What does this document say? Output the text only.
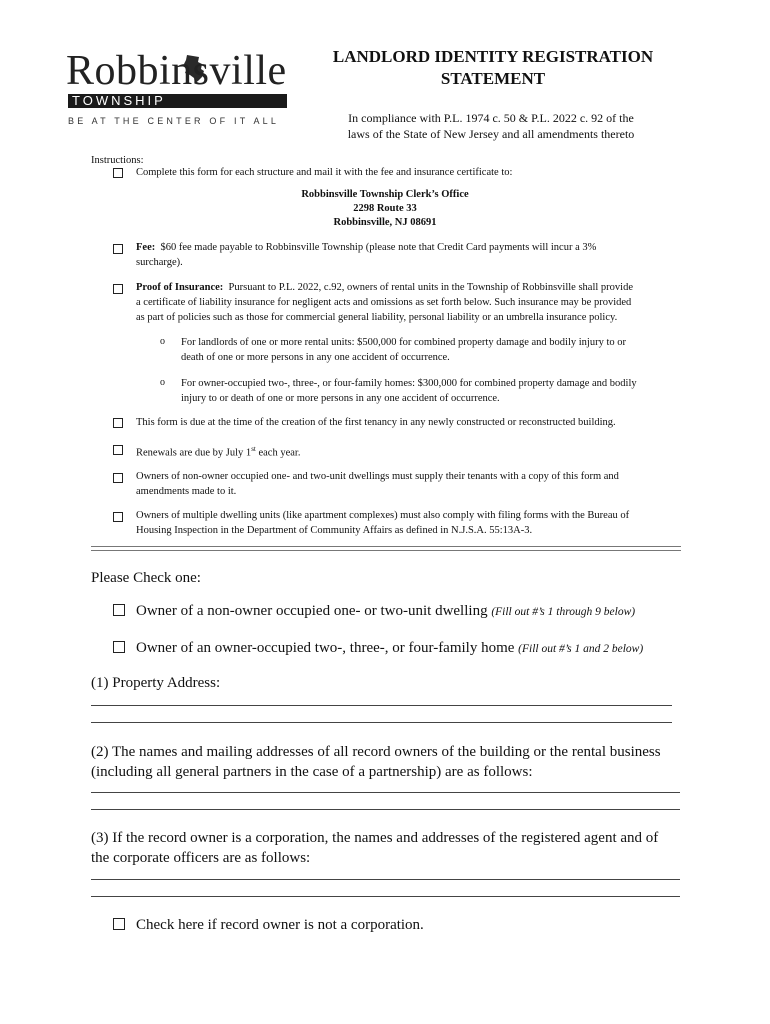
Robbinsville
TOWNSHIP
BE AT THE CENTER OF IT ALL
LANDLORD IDENTITY REGISTRATION
STATEMENT
In compliance with P.L. 1974 c. 50 & P.L. 2022 c. 92 of the
laws of the State of New Jersey and all amendments thereto
Instructions:
Complete this form for each structure and mail it with the fee and insurance certificate to:
Robbinsville Township Clerk’s Office
2298 Route 33
Robbinsville, NJ 08691
Fee: $60 fee made payable to Robbinsville Township (please note that Credit Card payments will incur a 3%
surcharge).
Proof of Insurance: Pursuant to P.L. 2022, c.92, owners of rental units in the Township of Robbinsville shall provide
a certificate of liability insurance for negligent acts and omissions as set forth below. Such insurance may be provided
as part of policies such as those for commercial general liability, personal liability or an umbrella insurance policy.
o For landlords of one or more rental units: $500,000 for combined property damage and bodily injury to or
death of one or more persons in any one accident of occurrence.
o For owner-occupied two-, three-, or four-family homes: $300,000 for combined property damage and bodily
injury to or death of one or more persons in any one accident of occurrence.
This form is due at the time of the creation of the first tenancy in any newly constructed or reconstructed building.
Renewals are due by July 1st each year.
Owners of non-owner occupied one- and two-unit dwellings must supply their tenants with a copy of this form and
amendments made to it.
Owners of multiple dwelling units (like apartment complexes) must also comply with filing forms with the Bureau of
Housing Inspection in the Department of Community Affairs as defined in N.J.S.A. 55:13A-3.
Please Check one:
Owner of a non-owner occupied one- or two-unit dwelling (Fill out #’s 1 through 9 below)
Owner of an owner-occupied two-, three-, or four-family home (Fill out #’s 1 and 2 below)
(1) Property Address:
(2) The names and mailing addresses of all record owners of the building or the rental business
(including all general partners in the case of a partnership) are as follows:
(3) If the record owner is a corporation, the names and addresses of the registered agent and of
the corporate officers are as follows:
Check here if record owner is not a corporation.
